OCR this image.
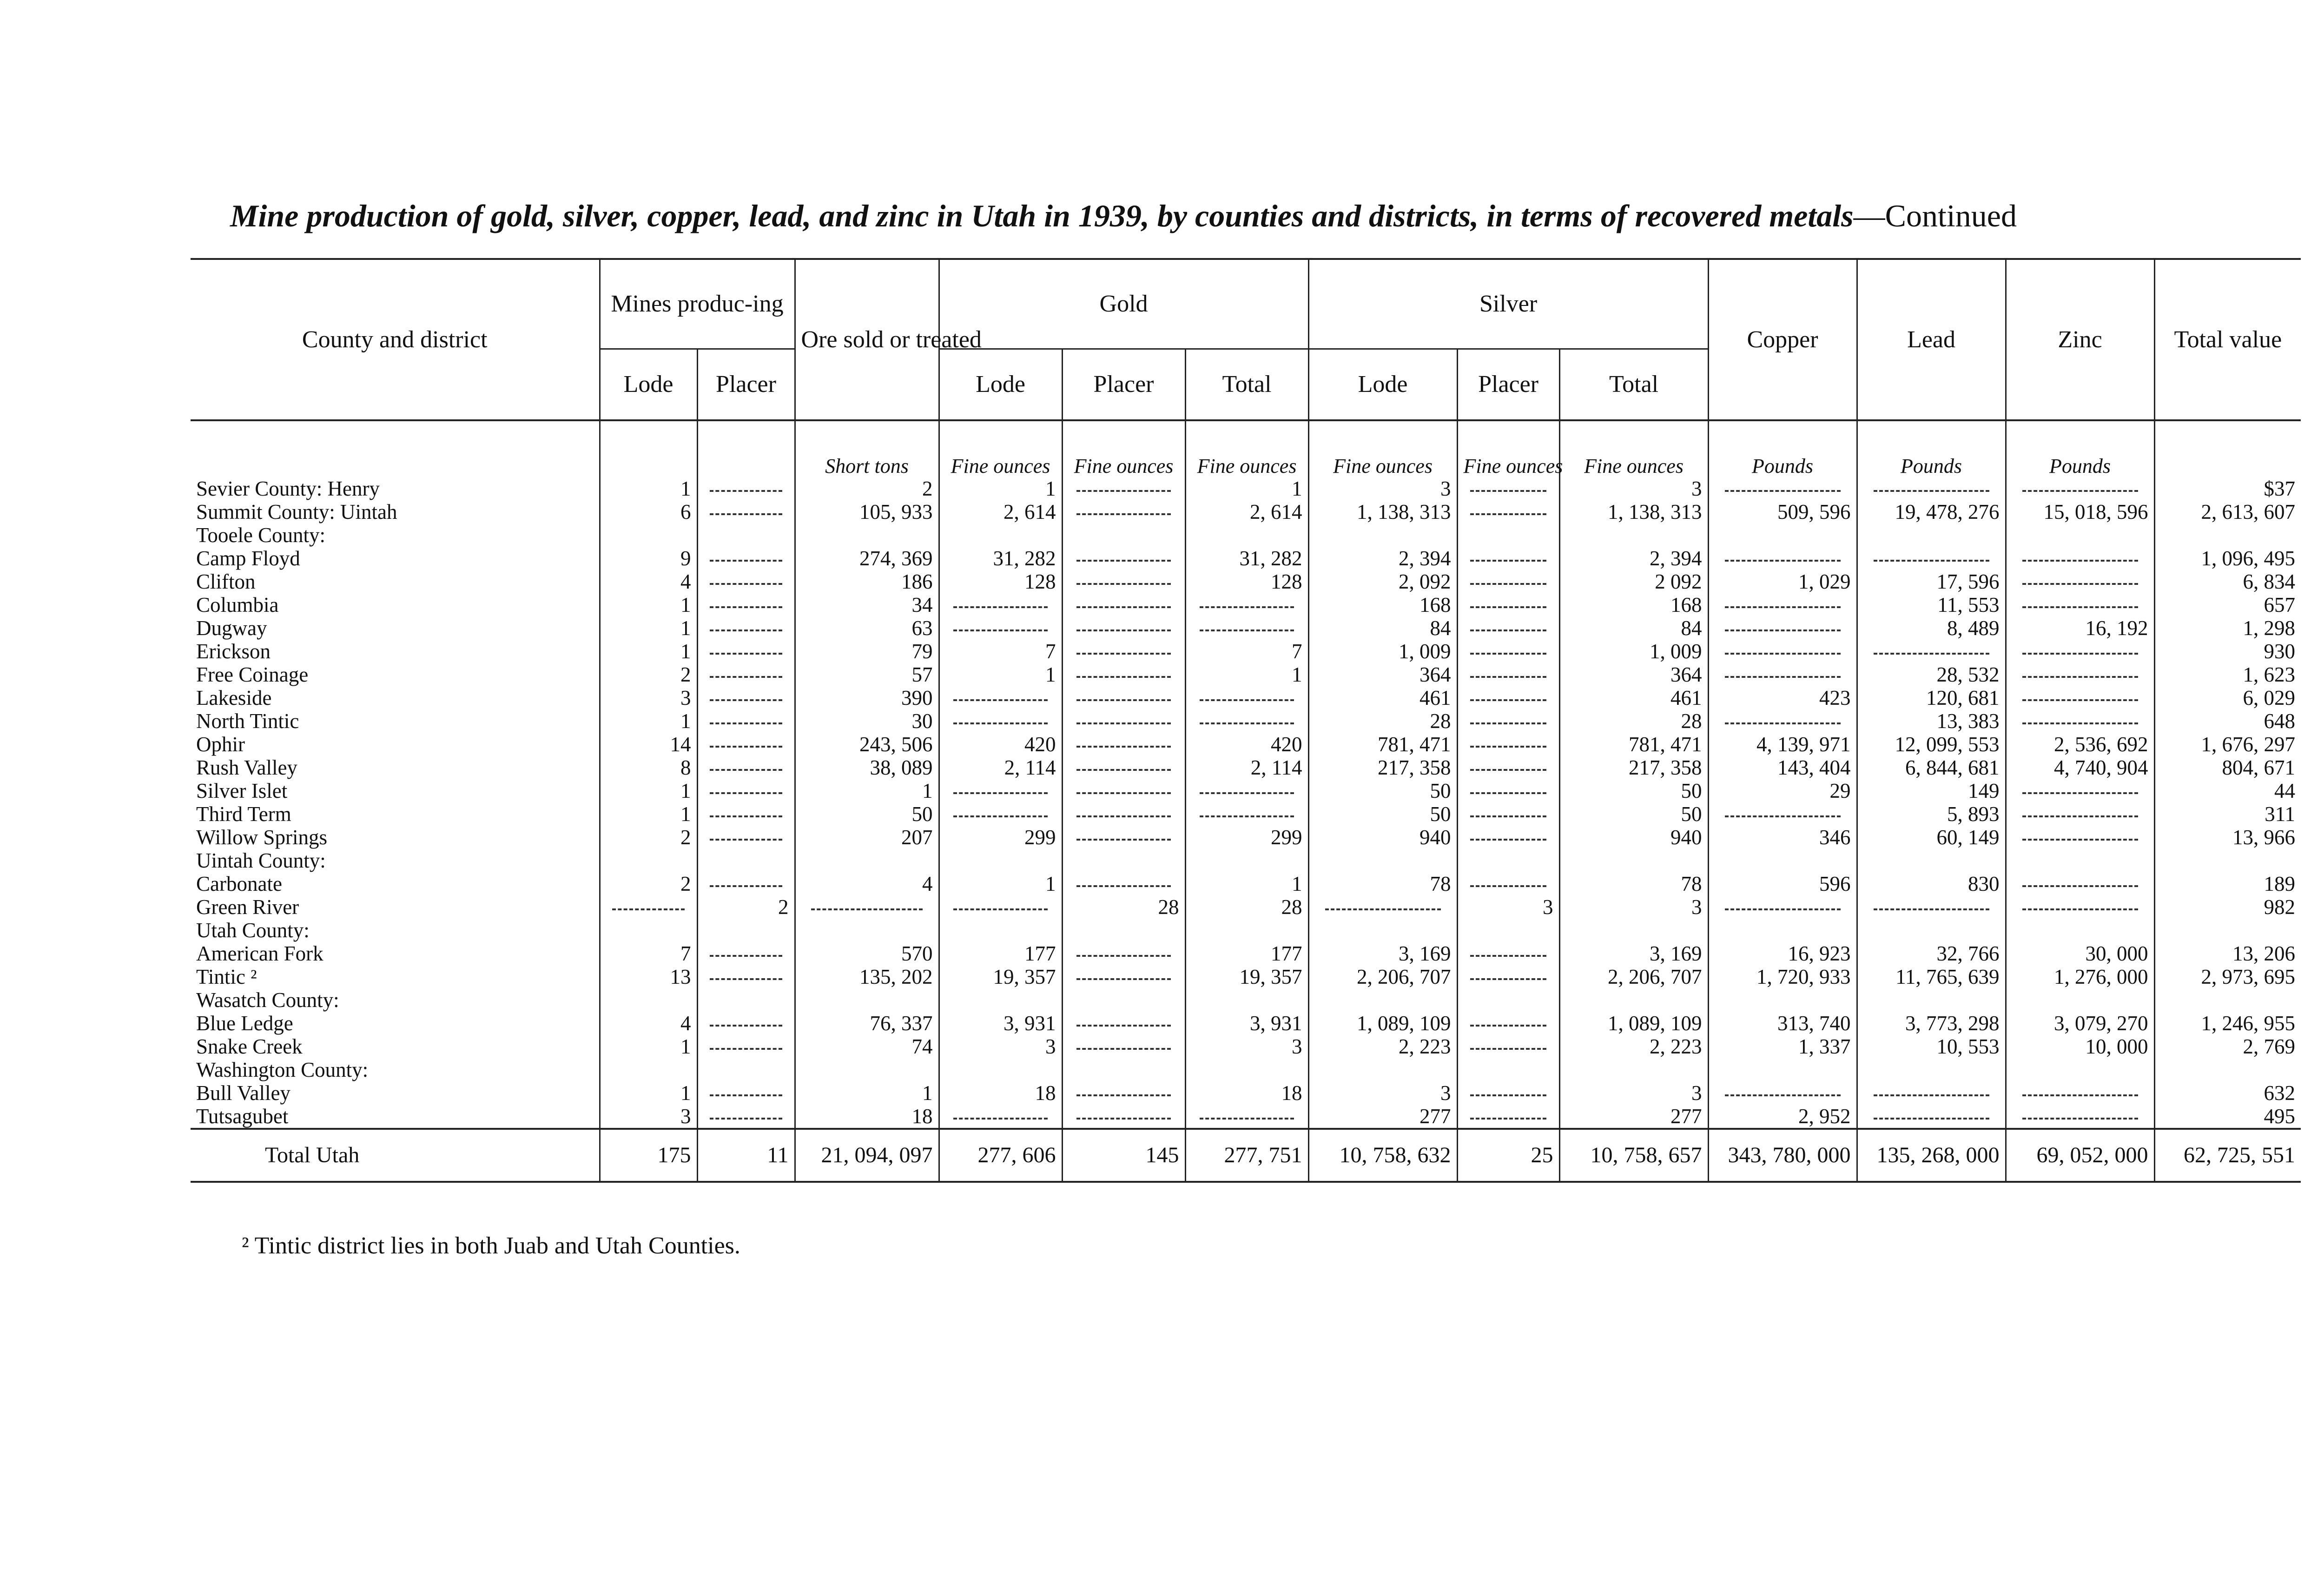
Mine production of gold, silver, copper, lead, and zinc in Utah in 1939, by counties and districts, in terms of recovered metals—Continued
County and district	Mines produc-ing		Ore sold or treated	Gold			Silver			Copper	Lead	Zinc	Total value
	Lode	Placer		Lode	Placer	Total	Lode	Placer	Total				
			Short tons	Fine ounces	Fine ounces	Fine ounces	Fine ounces	Fine ounces	Fine ounces	Pounds	Pounds	Pounds	
Sevier County: Henry	1		2	1		1	3		3				$37
Summit County: Uintah	6		105, 933	2, 614		2, 614	1, 138, 313		1, 138, 313	509, 596	19, 478, 276	15, 018, 596	2, 613, 607
Tooele County:													
Camp Floyd	9		274, 369	31, 282		31, 282	2, 394		2, 394				1, 096, 495
Clifton	4		186	128		128	2, 092		2 092	1, 029	17, 596		6, 834
Columbia	1		34				168		168		11, 553		657
Dugway	1		63				84		84		8, 489	16, 192	1, 298
Erickson	1		79	7		7	1, 009		1, 009				930
Free Coinage	2		57	1		1	364		364		28, 532		1, 623
Lakeside	3		390				461		461	423	120, 681		6, 029
North Tintic	1		30				28		28		13, 383		648
Ophir	14		243, 506	420		420	781, 471		781, 471	4, 139, 971	12, 099, 553	2, 536, 692	1, 676, 297
Rush Valley	8		38, 089	2, 114		2, 114	217, 358		217, 358	143, 404	6, 844, 681	4, 740, 904	804, 671
Silver Islet	1		1				50		50	29	149		44
Third Term	1		50				50		50		5, 893		311
Willow Springs	2		207	299		299	940		940	346	60, 149		13, 966
Uintah County:													
Carbonate	2		4	1		1	78		78	596	830		189
Green River		2			28	28		3	3				982
Utah County:													
American Fork	7		570	177		177	3, 169		3, 169	16, 923	32, 766	30, 000	13, 206
Tintic ²	13		135, 202	19, 357		19, 357	2, 206, 707		2, 206, 707	1, 720, 933	11, 765, 639	1, 276, 000	2, 973, 695
Wasatch County:													
Blue Ledge	4		76, 337	3, 931		3, 931	1, 089, 109		1, 089, 109	313, 740	3, 773, 298	3, 079, 270	1, 246, 955
Snake Creek	1		74	3		3	2, 223		2, 223	1, 337	10, 553	10, 000	2, 769
Washington County:													
Bull Valley	1		1	18		18	3		3				632
Tutsagubet	3		18				277		277	2, 952			495
Total Utah	175	11	21, 094, 097	277, 606	145	277, 751	10, 758, 632	25	10, 758, 657	343, 780, 000	135, 268, 000	69, 052, 000	62, 725, 551
² Tintic district lies in both Juab and Utah Counties.
